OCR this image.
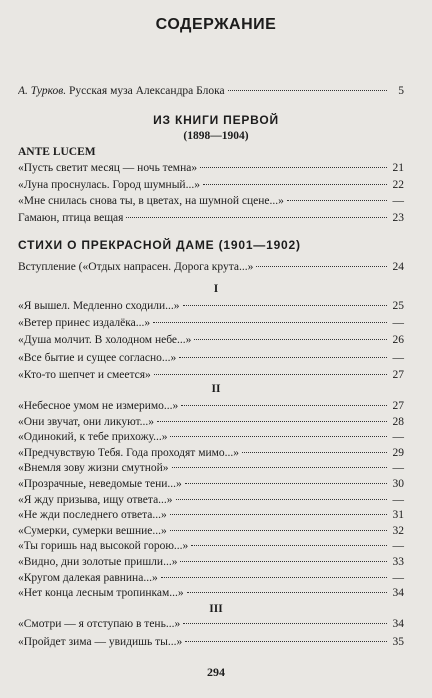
СОДЕРЖАНИЕ
А. Турков. Русская муза Александра Блока	5
ИЗ КНИГИ ПЕРВОЙ
(1898—1904)
ANTE LUCEM
«Пусть светит месяц — ночь темна»	21
«Луна проснулась. Город шумный...»	22
«Мне снилась снова ты, в цветах, на шумной сцене...»	—
Гамаюн, птица вещая	23
СТИХИ О ПРЕКРАСНОЙ ДАМЕ (1901—1902)
Вступление («Отдых напрасен. Дорога крута...»	24
I
«Я вышел. Медленно сходили...»	25
«Ветер принес издалёка...»	—
«Душа молчит. В холодном небе...»	26
«Все бытие и сущее согласно...»	—
«Кто-то шепчет и смеется»	27
II
«Небесное умом не измеримо...»	27
«Они звучат, они ликуют...»	28
«Одинокий, к тебе прихожу...»	—
«Предчувствую Тебя. Года проходят мимо...»	29
«Внемля зову жизни смутной»	—
«Прозрачные, неведомые тени...»	30
«Я жду призыва, ищу ответа...»	—
«Не жди последнего ответа...»	31
«Сумерки, сумерки вешние...»	32
«Ты горишь над высокой горою...»	—
«Видно, дни золотые пришли...»	33
«Кругом далекая равнина...»	—
«Нет конца лесным тропинкам...»	34
III
«Смотри — я отступаю в тень...»	34
«Пройдет зима — увидишь ты...»	35
294
